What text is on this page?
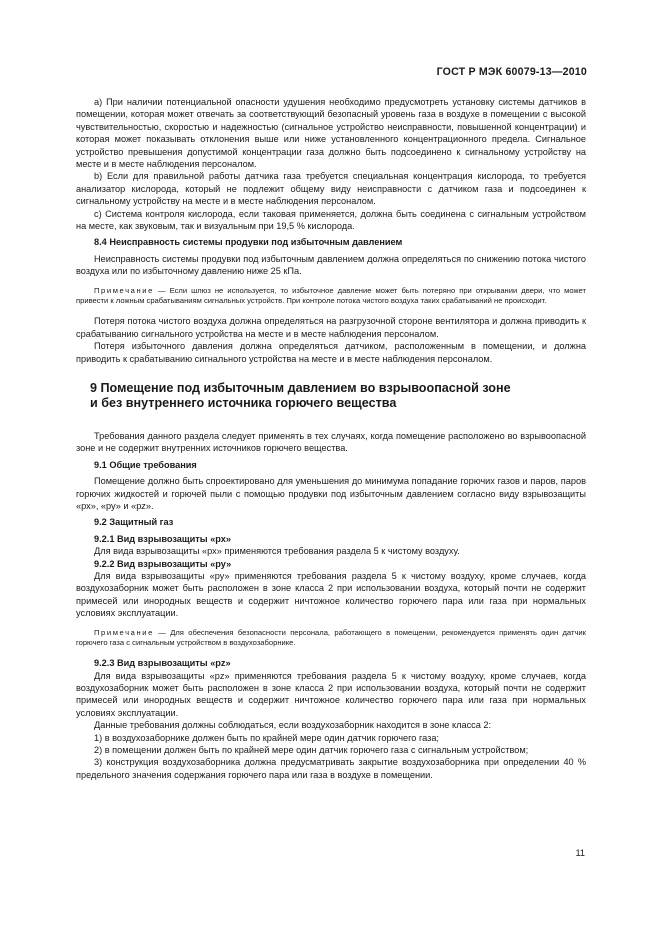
ГОСТ Р МЭК 60079-13—2010

а) При наличии потенциальной опасности удушения необходимо предусмотреть установку системы датчиков в помещении, которая может отвечать за соответствующий безопасный уровень газа в воздухе в помещении с высокой чувствительностью, скоростью и надежностью (сигнальное устройство неисправности, повышенной концентрации) и которая может показывать отклонения выше или ниже установленного концентрационного предела. Сигнальное устройство превышения допустимой концентрации газа должно быть подсоединено к сигнальному устройству на месте и в месте наблюдения персоналом.

b) Если для правильной работы датчика газа требуется специальная концентрация кислорода, то требуется анализатор кислорода, который не подлежит общему виду неисправности с датчиком газа и подсоединен к сигнальному устройству на месте и в месте наблюдения персоналом.

с) Система контроля кислорода, если таковая применяется, должна быть соединена с сигнальным устройством на месте, как звуковым, так и визуальным при 19,5 % кислорода.

8.4 Неисправность системы продувки под избыточным давлением

Неисправность системы продувки под избыточным давлением должна определяться по снижению потока чистого воздуха или по избыточному давлению ниже 25 кПа.

Примечание — Если шлюз не используется, то избыточное давление может быть потеряно при открывании двери, что может привести к ложным срабатываниям сигнальных устройств. При контроле потока чистого воздуха таких срабатываний не происходит.

Потеря потока чистого воздуха должна определяться на разгрузочной стороне вентилятора и должна приводить к срабатыванию сигнального устройства на месте и в месте наблюдения персоналом.

Потеря избыточного давления должна определяться датчиком, расположенным в помещении, и должна приводить к срабатыванию сигнального устройства на месте и в месте наблюдения персоналом.

9 Помещение под избыточным давлением во взрывоопасной зоне
и без внутреннего источника горючего вещества

Требования данного раздела следует применять в тех случаях, когда помещение расположено во взрывоопасной зоне и не содержит внутренних источников горючего вещества.

9.1 Общие требования

Помещение должно быть спроектировано для уменьшения до минимума попадание горючих газов и паров, паров горючих жидкостей и горючей пыли с помощью продувки под избыточным давлением согласно виду взрывозащиты «рх», «ру» и «pz».

9.2 Защитный газ

9.2.1 Вид взрывозащиты «рх»

Для вида взрывозащиты «рх» применяются требования раздела 5 к чистому воздуху.

9.2.2 Вид взрывозащиты «ру»

Для вида взрывозащиты «ру» применяются требования раздела 5 к чистому воздуху, кроме случаев, когда воздухозаборник может быть расположен в зоне класса 2 при использовании воздуха, который почти не содержит примесей или инородных веществ и содержит ничтожное количество горючего пара или газа при нормальных условиях эксплуатации.

Примечание — Для обеспечения безопасности персонала, работающего в помещении, рекомендуется применять один датчик горючего газа с сигнальным устройством в воздухозаборнике.

9.2.3 Вид взрывозащиты «pz»

Для вида взрывозащиты «pz» применяются требования раздела 5 к чистому воздуху, кроме случаев, когда воздухозаборник может быть расположен в зоне класса 2 при использовании воздуха, который почти не содержит примесей или инородных веществ и содержит ничтожное количество горючего пара или газа при нормальных условиях эксплуатации.

Данные требования должны соблюдаться, если воздухозаборник находится в зоне класса 2:

1) в воздухозаборнике должен быть по крайней мере один датчик горючего газа;

2) в помещении должен быть по крайней мере один датчик горючего газа с сигнальным устройством;

3) конструкция воздухозаборника должна предусматривать закрытие воздухозаборника при определении 40 % предельного значения содержания горючего пара или газа в воздухе в помещении.

11
